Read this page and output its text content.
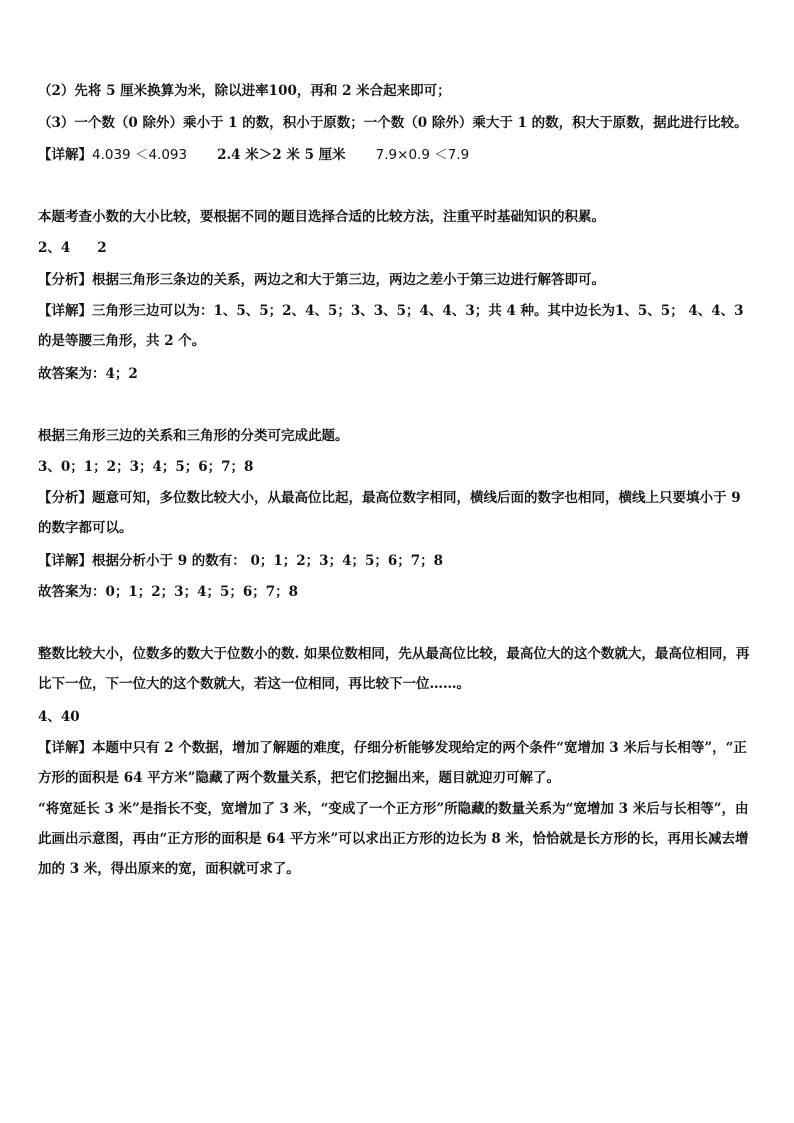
（2）先将 5 厘米换算为米，除以进率100，再和 2 米合起来即可；
（3）一个数（0 除外）乘小于 1 的数，积小于原数；一个数（0 除外）乘大于 1 的数，积大于原数，据此进行比较。
【详解】4.039 ＜4.093 2.4 米＞2 米 5 厘米 7.9×0.9 ＜7.9
本题考查小数的大小比较，要根据不同的题目选择合适的比较方法，注重平时基础知识的积累。
2、4　　2
【分析】根据三角形三条边的关系，两边之和大于第三边，两边之差小于第三边进行解答即可。
【详解】三角形三边可以为：1、5、5；2、4、5；3、3、5；4、4、3；共 4 种。其中边长为1、5、5； 4、4、3 的是等腰三角形，共 2 个。
故答案为：4；2
根据三角形三边的关系和三角形的分类可完成此题。
3、0；1；2；3；4；5；6；7；8
【分析】题意可知，多位数比较大小，从最高位比起，最高位数字相同，横线后面的数字也相同，横线上只要填小于 9 的数字都可以。
【详解】根据分析小于 9 的数有： 0；1；2；3；4；5；6；7；8
故答案为：0；1；2；3；4；5；6；7；8
整数比较大小，位数多的数大于位数小的数. 如果位数相同，先从最高位比较，最高位大的这个数就大，最高位相同，再比下一位，下一位大的这个数就大，若这一位相同，再比较下一位……。
4、40
【详解】本题中只有 2 个数据，增加了解题的难度，仔细分析能够发现给定的两个条件“宽增加 3 米后与长相等”，“正方形的面积是 64 平方米”隐藏了两个数量关系，把它们挖掘出来，题目就迎刃可解了。
“将宽延长 3 米”是指长不变，宽增加了 3 米，“变成了一个正方形”所隐藏的数量关系为“宽增加 3 米后与长相等”，由此画出示意图，再由“正方形的面积是 64 平方米”可以求出正方形的边长为 8 米，恰恰就是长方形的长，再用长减去增加的 3 米，得出原来的宽，面积就可求了。
